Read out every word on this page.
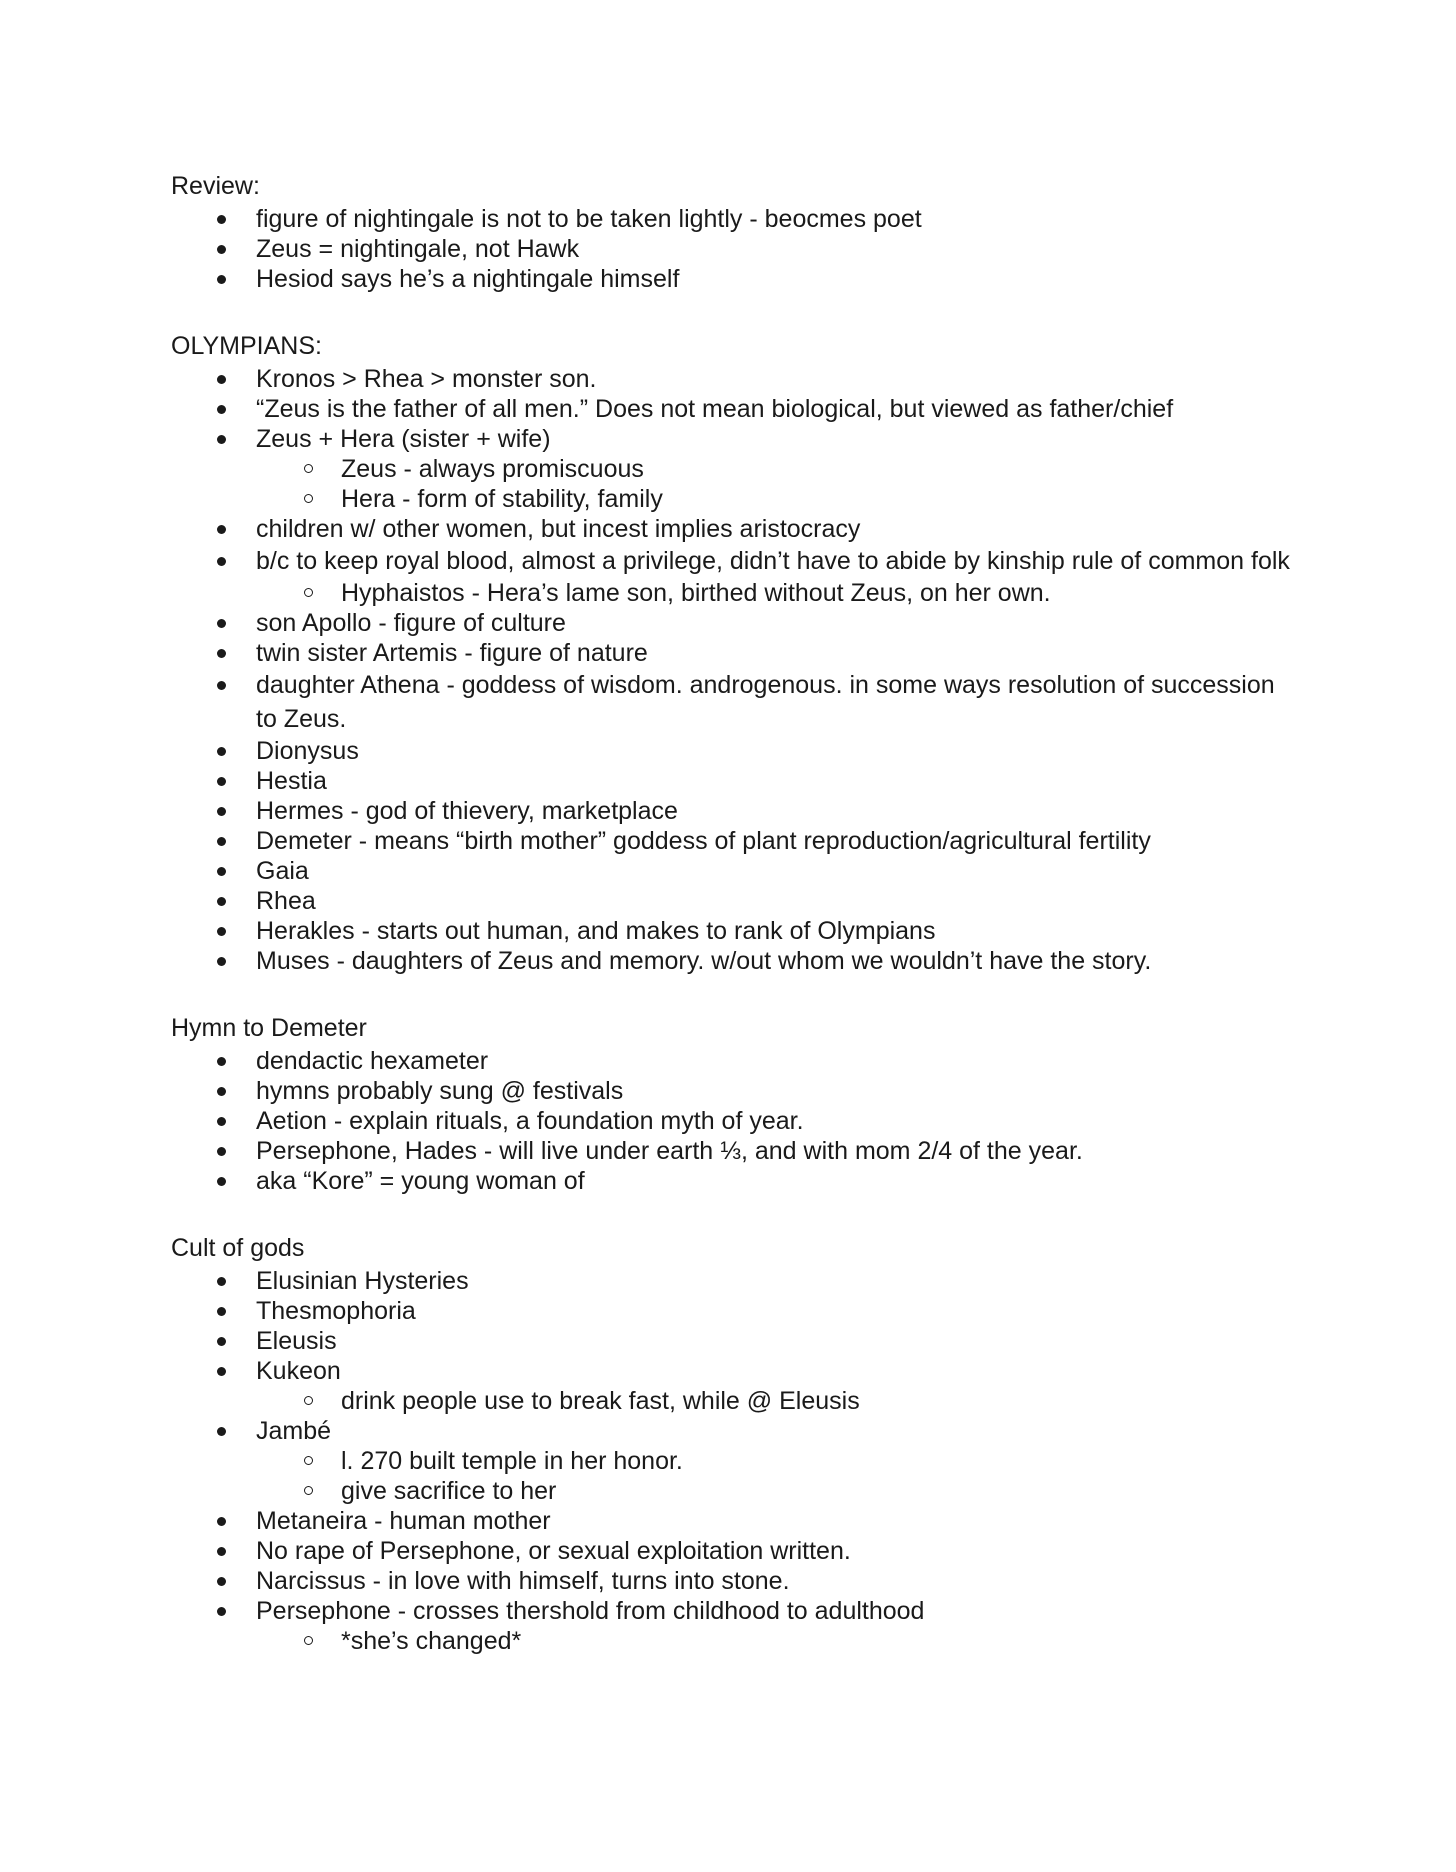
Review:

figure of nightingale is not to be taken lightly - beocmes poet
Zeus = nightingale, not Hawk
Hesiod says he’s a nightingale himself

OLYMPIANS:

Kronos > Rhea > monster son.
“Zeus is the father of all men.” Does not mean biological, but viewed as father/chief
Zeus + Hera (sister + wife)
Zeus - always promiscuous
Hera - form of stability, family
children w/ other women, but incest implies aristocracy
b/c to keep royal blood, almost a privilege, didn’t have to abide by kinship rule of common folk
Hyphaistos - Hera’s lame son, birthed without Zeus, on her own.
son Apollo - figure of culture
twin sister Artemis - figure of nature
daughter Athena - goddess of wisdom. androgenous. in some ways resolution of succession to Zeus.
Dionysus
Hestia
Hermes - god of thievery, marketplace
Demeter - means “birth mother” goddess of plant reproduction/agricultural fertility
Gaia
Rhea
Herakles - starts out human, and makes to rank of Olympians
Muses - daughters of Zeus and memory. w/out whom we wouldn’t have the story.

Hymn to Demeter

dendactic hexameter
hymns probably sung @ festivals
Aetion - explain rituals, a foundation myth of year.
Persephone, Hades - will live under earth ⅓, and with mom 2/4 of the year.
aka “Kore” = young woman of

Cult of gods

Elusinian Hysteries
Thesmophoria
Eleusis
Kukeon
drink people use to break fast, while @ Eleusis
Jambé
l. 270 built temple in her honor.
give sacrifice to her
Metaneira - human mother
No rape of Persephone, or sexual exploitation written.
Narcissus - in love with himself, turns into stone.
Persephone - crosses thershold from childhood to adulthood
*she’s changed*
